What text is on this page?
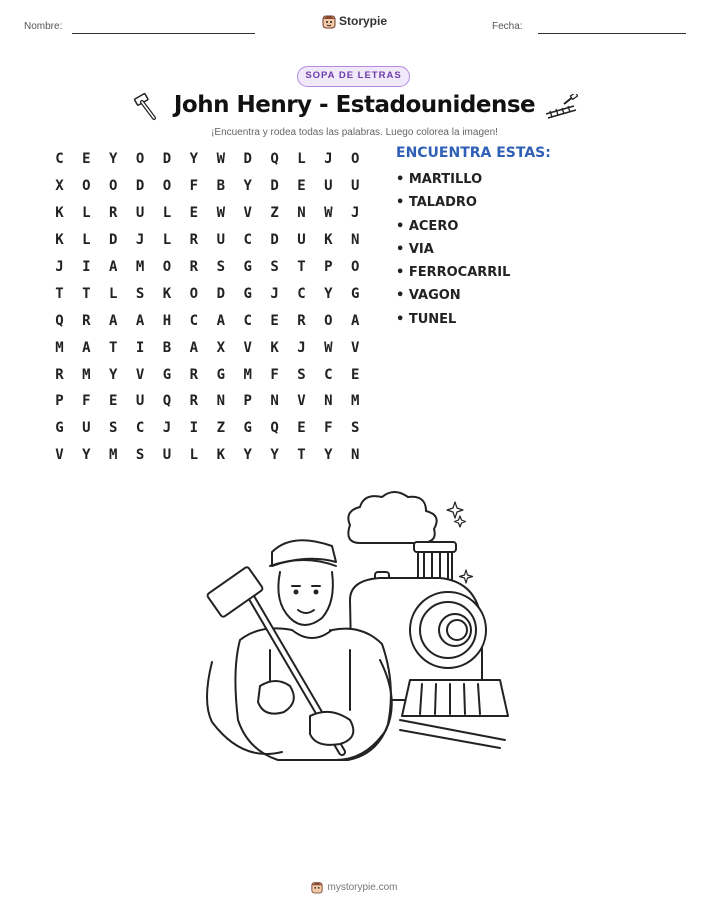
Nombre:	Fecha:
Storypie
SOPA DE LETRAS
John Henry - Estadounidense
¡Encuentra y rodea todas las palabras. Luego colorea la imagen!
C	E	Y	O	D	Y	W	D	Q	L	J	O
X	O	O	D	O	F	B	Y	D	E	U	U
K	L	R	U	L	E	W	V	Z	N	W	J
K	L	D	J	L	R	U	C	D	U	K	N
J	I	A	M	O	R	S	G	S	T	P	O
T	T	L	S	K	O	D	G	J	C	Y	G
Q	R	A	A	H	C	A	C	E	R	O	A
M	A	T	I	B	A	X	V	K	J	W	V
R	M	Y	V	G	R	G	M	F	S	C	E
P	F	E	U	Q	R	N	P	N	V	N	M
G	U	S	C	J	I	Z	G	Q	E	F	S
V	Y	M	S	U	L	K	Y	Y	T	Y	N
ENCUENTRA ESTAS:
• MARTILLO
• TALADRO
• ACERO
• VIA
• FERROCARRIL
• VAGON
• TUNEL
mystorypie.com
